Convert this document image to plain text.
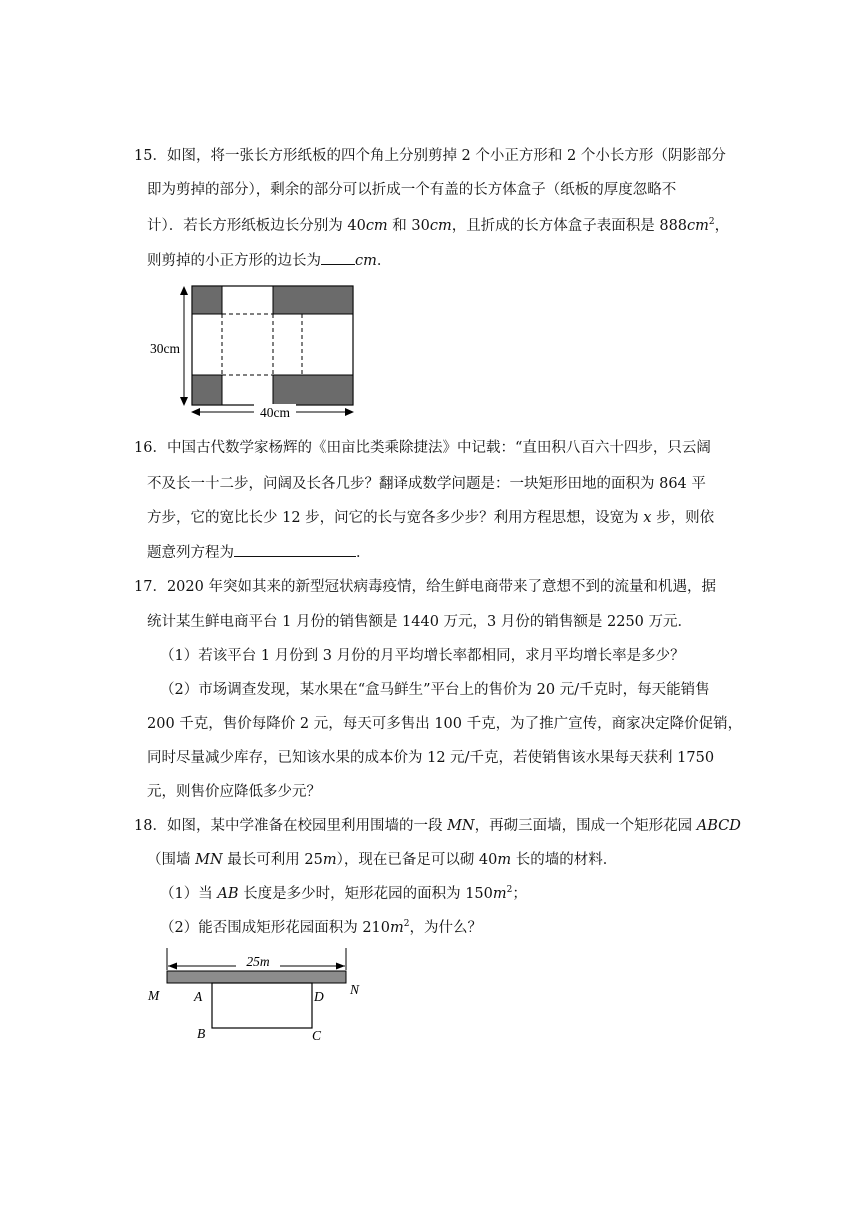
15．如图，将一张长方形纸板的四个角上分别剪掉 2 个小正方形和 2 个小长方形（阴影部分
即为剪掉的部分），剩余的部分可以折成一个有盖的长方体盒子（纸板的厚度忽略不
计）．若长方形纸板边长分别为 40cm 和 30cm，且折成的长方体盒子表面积是 $888cm^2$，
则剪掉的小正方形的边长为 cm．
40cm
30cm
16．中国古代数学家杨辉的《田亩比类乘除捷法》中记载：“直田积八百六十四步，只云阔
不及长一十二步，问阔及长各几步？翻译成数学问题是：一块矩形田地的面积为 864 平
方步，它的宽比长少 12 步，问它的长与宽各多少步？利用方程思想，设宽为 x 步，则依
题意列方程为	．
17．2020 年突如其来的新型冠状病毒疫情，给生鲜电商带来了意想不到的流量和机遇，据
统计某生鲜电商平台 1 月份的销售额是 1440 万元，3 月份的销售额是 2250 万元．
（1）若该平台 1 月份到 3 月份的月平均增长率都相同，求月平均增长率是多少？
（2）市场调查发现，某水果在“盒马鲜生”平台上的售价为 20 元/千克时，每天能销售
200 千克，售价每降价 2 元，每天可多售出 100 千克，为了推广宣传，商家决定降价促销，
同时尽量减少库存，已知该水果的成本价为 12 元/千克，若使销售该水果每天获利 1750
元，则售价应降低多少元？
18．如图，某中学准备在校园里利用围墙的一段 MN，再砌三面墙，围成一个矩形花园 ABCD
（围墙 MN 最长可利用 25m），现在已备足可以砌 40m 长的墙的材料．
（1）当 AB 长度是多少时，矩形花园的面积为 $150m^2$；
（2）能否围成矩形花园面积为 $210m^2$，为什么？
25m
M	N
A	D
B	C
